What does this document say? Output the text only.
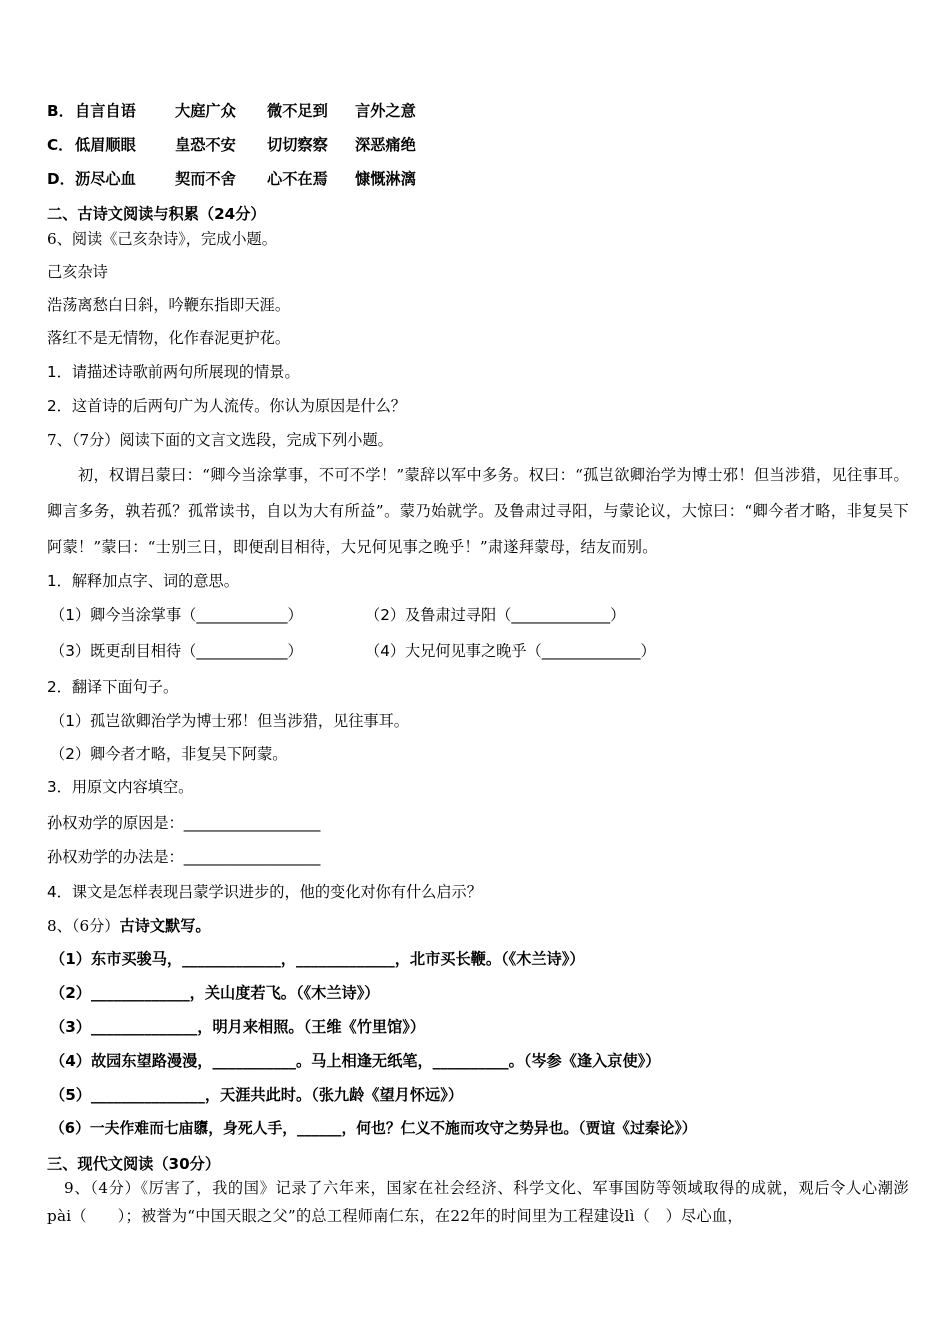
B．自言自语	大庭广众 微不足到 言外之意
C． 低眉顺眼	皇恐不安 切切察察 深恶痛绝
D．沥尽心血	契而不舍 心不在焉 慷慨淋漓
二、古诗文阅读与积累（24分）
6、阅读《己亥杂诗》，完成小题。
己亥杂诗
浩荡离愁白日斜，吟鞭东指即天涯。
落红不是无情物，化作春泥更护花。
1．请描述诗歌前两句所展现的情景。
2．这首诗的后两句广为人流传。你认为原因是什么？
7、（7分）阅读下面的文言文选段，完成下列小题。

初，权谓吕蒙曰：“卿今当涂掌事，不可不学！”蒙辞以军中多务。权曰：“孤岂欲卿治学为博士邪！但当涉猎，见往事耳。卿言多务，孰若孤？孤常读书，自以为大有所益”。蒙乃始就学。及鲁肃过寻阳，与蒙论议，大惊曰：“卿今者才略，非复吴下阿蒙！”蒙曰：“士别三日，即便刮目相待，大兄何见事之晚乎！”肃遂拜蒙母，结友而别。

1．解释加点字、词的意思。
（1）卿今当涂掌事（____________）	（2）及鲁肃过寻阳（_____________）
（3）既更刮目相待（____________）	（4）大兄何见事之晚乎（_____________）
2．翻译下面句子。
（1）孤岂欲卿治学为博士邪！但当涉猎，见往事耳。
（2）卿今者才略，非复吴下阿蒙。
3．用原文内容填空。
孙权劝学的原因是：__________________
孙权劝学的办法是：__________________
4．课文是怎样表现吕蒙学识进步的，他的变化对你有什么启示？
8、（6分）古诗文默写。
（1）东市买骏马，_____________，_____________，北市买长鞭。（《木兰诗》）
（2）_____________，关山度若飞。（《木兰诗》）
（3）______________，明月来相照。（王维《竹里馆》）
（4）故园东望路漫漫，___________。马上相逢无纸笔，__________。（岑参《逢入京使》）
（5）_______________，天涯共此时。（张九龄《望月怀远》）
（6）一夫作难而七庙隳，身死人手，______，何也？仁义不施而攻守之势异也。（贾谊《过秦论》）
三、现代文阅读（30分）

9、（4分）《厉害了，我的国》记录了六年来，国家在社会经济、科学文化、军事国防等领域取得的成就，观后令人心潮澎pài（　　）；被誉为“中国天眼之父”的总工程师南仁东，在22年的时间里为工程建设lì（　）尽心血，
